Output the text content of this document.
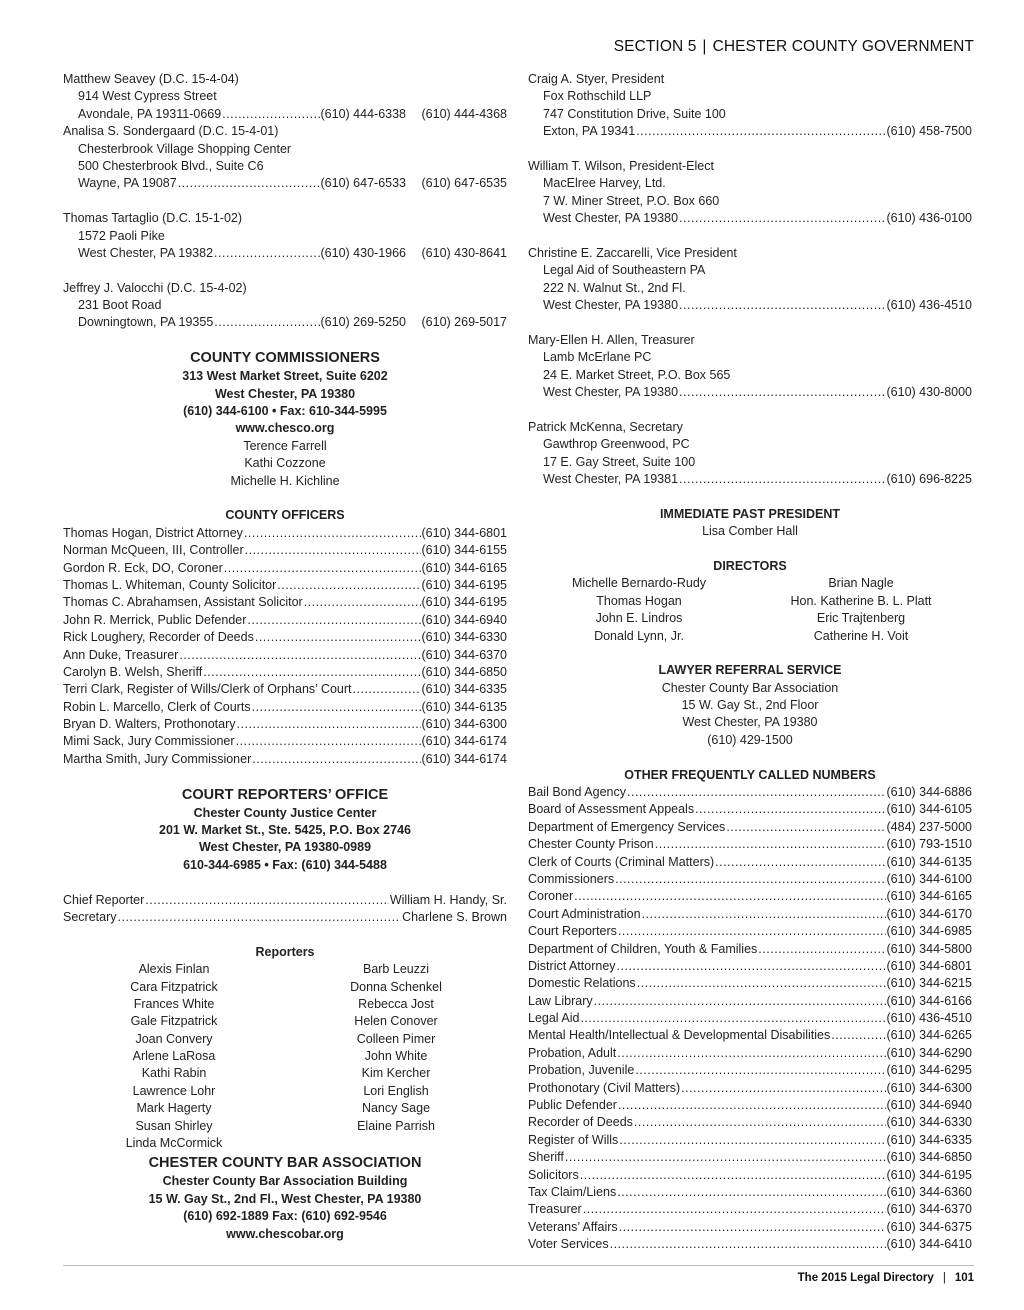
SECTION 5 | CHESTER COUNTY GOVERNMENT
Matthew Seavey (D.C. 15-4-04)
914 West Cypress Street
Avondale, PA 19311-0669 .....	(610) 444-6338	(610) 444-4368
Analisa S. Sondergaard (D.C. 15-4-01)
Chesterbrook Village Shopping Center
500 Chesterbrook Blvd., Suite C6
Wayne, PA 19087 .....	(610) 647-6533	(610) 647-6535
Thomas Tartaglio (D.C. 15-1-02)
1572 Paoli Pike
West Chester, PA 19382 .....	(610) 430-1966	(610) 430-8641
Jeffrey J. Valocchi (D.C. 15-4-02)
231 Boot Road
Downingtown, PA 19355 .....	(610) 269-5250	(610) 269-5017
COUNTY COMMISSIONERS
313 West Market Street, Suite 6202
West Chester, PA 19380
(610) 344-6100 • Fax: 610-344-5995
www.chesco.org
Terence Farrell
Kathi Cozzone
Michelle H. Kichline
COUNTY OFFICERS
Thomas Hogan, District Attorney .....	(610) 344-6801
Norman McQueen, III, Controller .....	(610) 344-6155
Gordon R. Eck, DO, Coroner .....	(610) 344-6165
Thomas L. Whiteman, County Solicitor .....	(610) 344-6195
Thomas C. Abrahamsen, Assistant Solicitor .....	(610) 344-6195
John R. Merrick, Public Defender .....	(610) 344-6940
Rick Loughery, Recorder of Deeds .....	(610) 344-6330
Ann Duke, Treasurer .....	(610) 344-6370
Carolyn B. Welsh, Sheriff .....	(610) 344-6850
Terri Clark, Register of Wills/Clerk of Orphans’ Court .....	(610) 344-6335
Robin L. Marcello, Clerk of Courts .....	(610) 344-6135
Bryan D. Walters, Prothonotary .....	(610) 344-6300
Mimi Sack, Jury Commissioner .....	(610) 344-6174
Martha Smith, Jury Commissioner .....	(610) 344-6174
COURT REPORTERS’ OFFICE
Chester County Justice Center
201 W. Market St., Ste. 5425, P.O. Box 2746
West Chester, PA 19380-0989
610-344-6985 • Fax: (610) 344-5488
Chief Reporter .....	William H. Handy, Sr.
Secretary .....	Charlene S. Brown
Reporters
Alexis Finlan
Cara Fitzpatrick
Frances White
Gale Fitzpatrick
Joan Convery
Arlene LaRosa
Kathi Rabin
Lawrence Lohr
Mark Hagerty
Susan Shirley
Linda McCormick
Barb Leuzzi
Donna Schenkel
Rebecca Jost
Helen Conover
Colleen Pimer
John White
Kim Kercher
Lori English
Nancy Sage
Elaine Parrish
CHESTER COUNTY BAR ASSOCIATION
Chester County Bar Association Building
15 W. Gay St., 2nd Fl., West Chester, PA 19380
(610) 692-1889 Fax: (610) 692-9546
www.chescobar.org
Craig A. Styer, President
Fox Rothschild LLP
747 Constitution Drive, Suite 100
Exton, PA 19341 .....	(610) 458-7500
William T. Wilson, President-Elect
MacElree Harvey, Ltd.
7 W. Miner Street, P.O. Box 660
West Chester, PA 19380 .....	(610) 436-0100
Christine E. Zaccarelli, Vice President
Legal Aid of Southeastern PA
222 N. Walnut St., 2nd Fl.
West Chester, PA 19380 .....	(610) 436-4510
Mary-Ellen H. Allen, Treasurer
Lamb McErlane PC
24 E. Market Street, P.O. Box 565
West Chester, PA 19380 .....	(610) 430-8000
Patrick McKenna, Secretary
Gawthrop Greenwood, PC
17 E. Gay Street, Suite 100
West Chester, PA 19381 .....	(610) 696-8225
IMMEDIATE PAST PRESIDENT
Lisa Comber Hall
DIRECTORS
Michelle Bernardo-Rudy
Thomas Hogan
John E. Lindros
Donald Lynn, Jr.
Brian Nagle
Hon. Katherine B. L. Platt
Eric Trajtenberg
Catherine H. Voit
LAWYER REFERRAL SERVICE
Chester County Bar Association
15 W. Gay St., 2nd Floor
West Chester, PA 19380
(610) 429-1500
OTHER FREQUENTLY CALLED NUMBERS
Bail Bond Agency .....	(610) 344-6886
Board of Assessment Appeals .....	(610) 344-6105
Department of Emergency Services .....	(484) 237-5000
Chester County Prison .....	(610) 793-1510
Clerk of Courts (Criminal Matters) .....	(610) 344-6135
Commissioners .....	(610) 344-6100
Coroner .....	(610) 344-6165
Court Administration .....	(610) 344-6170
Court Reporters .....	(610) 344-6985
Department of Children, Youth & Families .....	(610) 344-5800
District Attorney .....	(610) 344-6801
Domestic Relations .....	(610) 344-6215
Law Library .....	(610) 344-6166
Legal Aid .....	(610) 436-4510
Mental Health/Intellectual & Developmental Disabilities .....	(610) 344-6265
Probation, Adult .....	(610) 344-6290
Probation, Juvenile .....	(610) 344-6295
Prothonotary (Civil Matters) .....	(610) 344-6300
Public Defender .....	(610) 344-6940
Recorder of Deeds .....	(610) 344-6330
Register of Wills .....	(610) 344-6335
Sheriff .....	(610) 344-6850
Solicitors .....	(610) 344-6195
Tax Claim/Liens .....	(610) 344-6360
Treasurer .....	(610) 344-6370
Veterans’ Affairs .....	(610) 344-6375
Voter Services .....	(610) 344-6410
The 2015 Legal Directory | 101
